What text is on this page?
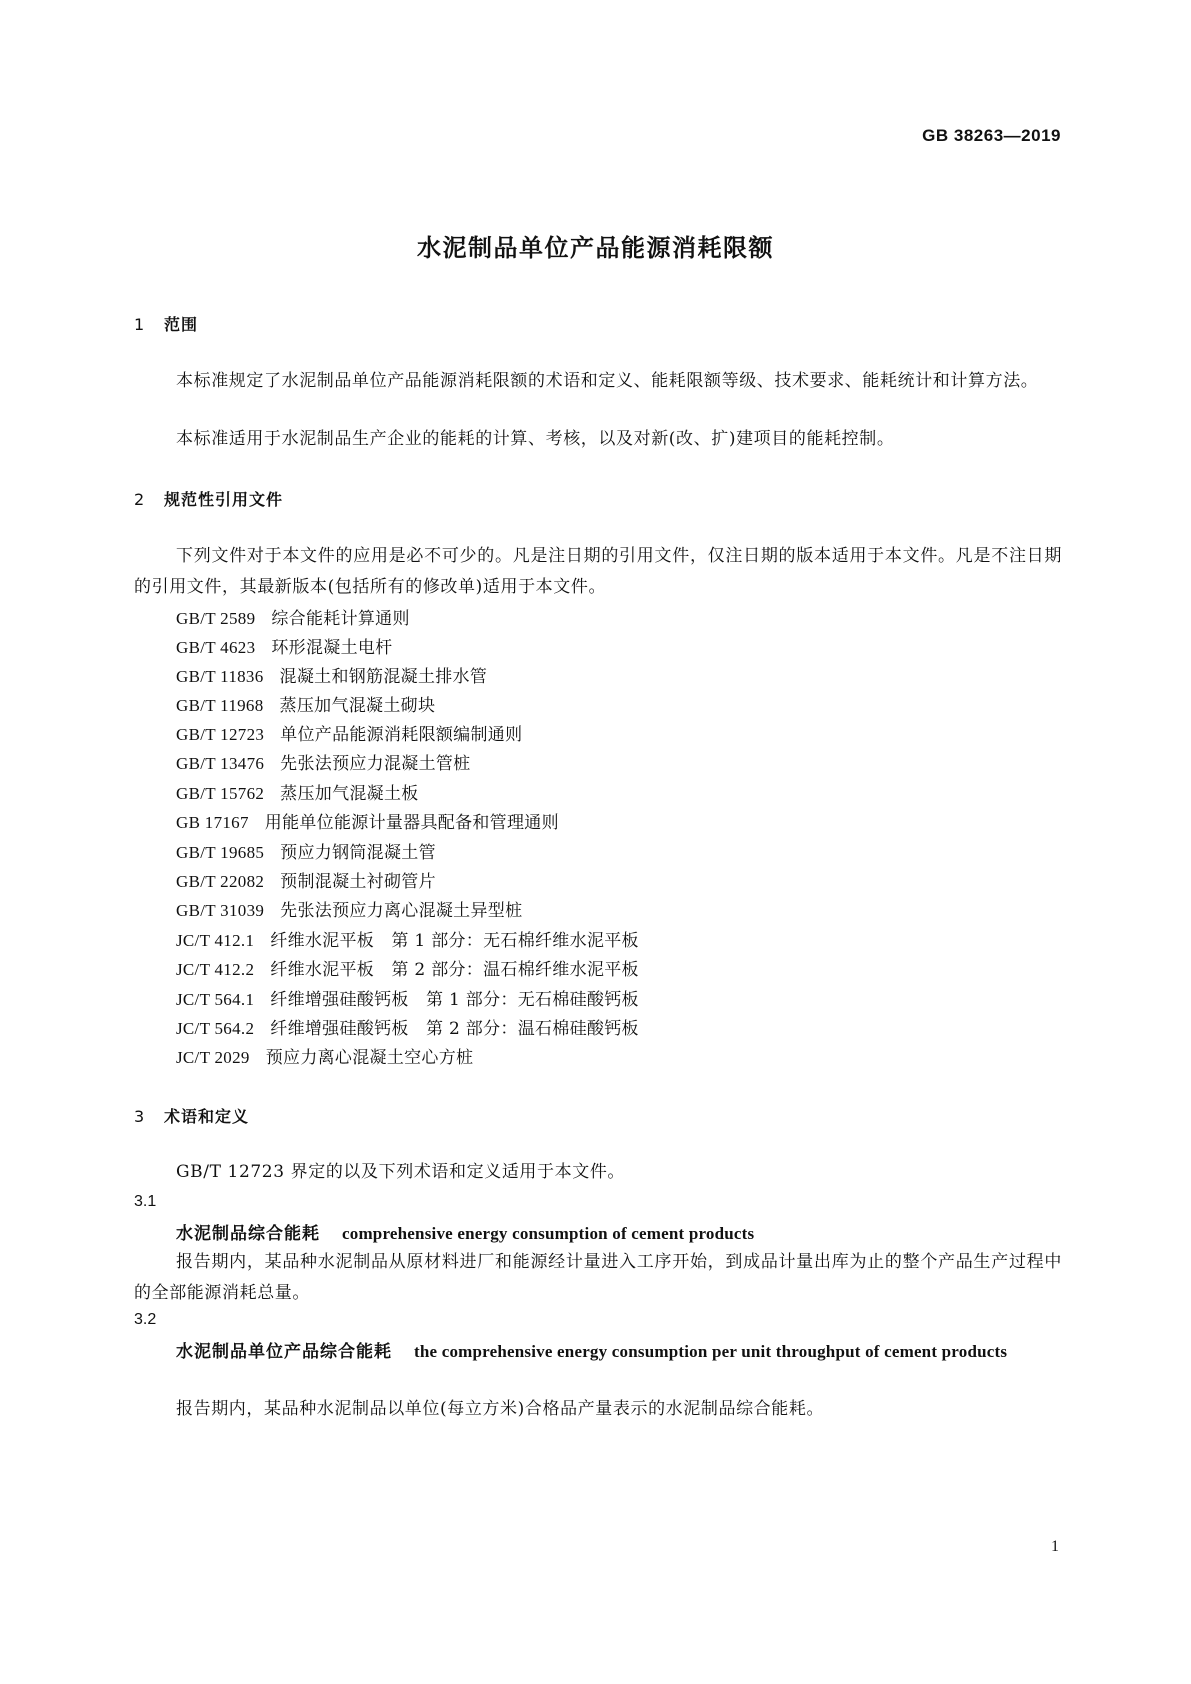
GB 38263—2019
水泥制品单位产品能源消耗限额
1 范围
本标准规定了水泥制品单位产品能源消耗限额的术语和定义、能耗限额等级、技术要求、能耗统计和计算方法。
本标准适用于水泥制品生产企业的能耗的计算、考核，以及对新(改、扩)建项目的能耗控制。
2 规范性引用文件
下列文件对于本文件的应用是必不可少的。凡是注日期的引用文件，仅注日期的版本适用于本文件。凡是不注日期的引用文件，其最新版本(包括所有的修改单)适用于本文件。
GB/T 2589 综合能耗计算通则
GB/T 4623 环形混凝土电杆
GB/T 11836 混凝土和钢筋混凝土排水管
GB/T 11968 蒸压加气混凝土砌块
GB/T 12723 单位产品能源消耗限额编制通则
GB/T 13476 先张法预应力混凝土管桩
GB/T 15762 蒸压加气混凝土板
GB 17167 用能单位能源计量器具配备和管理通则
GB/T 19685 预应力钢筒混凝土管
GB/T 22082 预制混凝土衬砌管片
GB/T 31039 先张法预应力离心混凝土异型桩
JC/T 412.1 纤维水泥平板　第 1 部分：无石棉纤维水泥平板
JC/T 412.2 纤维水泥平板　第 2 部分：温石棉纤维水泥平板
JC/T 564.1 纤维增强硅酸钙板　第 1 部分：无石棉硅酸钙板
JC/T 564.2 纤维增强硅酸钙板　第 2 部分：温石棉硅酸钙板
JC/T 2029 预应力离心混凝土空心方桩
3 术语和定义
GB/T 12723 界定的以及下列术语和定义适用于本文件。
3.1
水泥制品综合能耗 comprehensive energy consumption of cement products
报告期内，某品种水泥制品从原材料进厂和能源经计量进入工序开始，到成品计量出库为止的整个产品生产过程中的全部能源消耗总量。
3.2
水泥制品单位产品综合能耗 the comprehensive energy consumption per unit throughput of cement products
报告期内，某品种水泥制品以单位(每立方米)合格品产量表示的水泥制品综合能耗。
1
